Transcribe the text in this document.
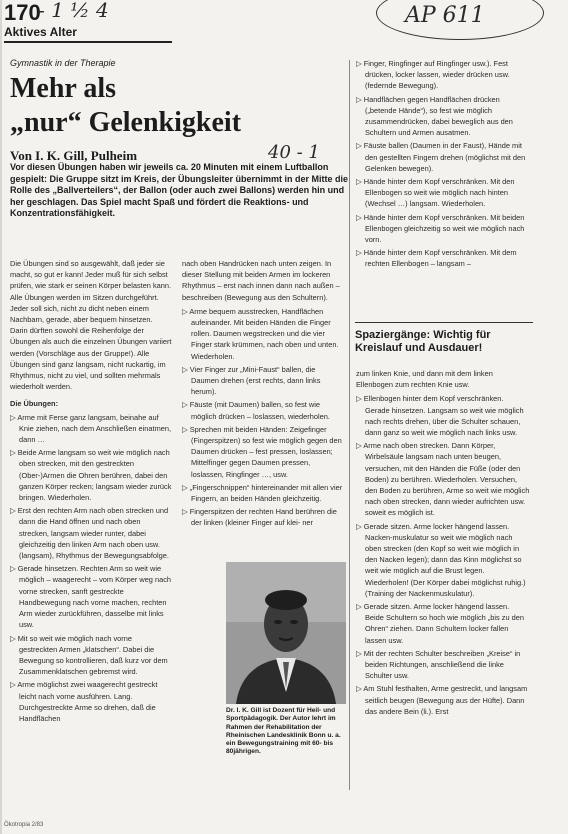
170
- 1 ½ 4	AP 611
Aktives Alter
Gymnastik in der Therapie
Mehr als
„nur“ Gelenkigkeit
Von I. K. Gill, Pulheim	40 - 1
Vor diesen Übungen haben wir jeweils ca. 20 Minuten mit einem Luftballon gespielt: Die Gruppe sitzt im Kreis, der Übungsleiter übernimmt in der Mitte die Rolle des „Ballverteilers“, der Ballon (oder auch zwei Ballons) werden hin und her geschlagen. Das Spiel macht Spaß und fördert die Reaktions- und Konzentrationsfähigkeit.

Die Übungen sind so ausgewählt, daß jeder sie macht, so gut er kann! Jeder muß für sich selbst prüfen, wie stark er seinen Körper belasten kann. Alle Übungen werden im Sitzen durchgeführt. Jeder soll sich, nicht zu dicht neben einem Nachbarn, gerade, aber bequem hinsetzen. Darin dürften sowohl die Reihenfolge der Übungen als auch die einzelnen Übungen variiert werden (Vorschläge aus der Gruppe!). Alle Übungen sind ganz langsam, nicht ruckartig, im Rhythmus, nicht zu viel, und sollten mehrmals wiederholt werden.

Die Übungen:

▷ Arme mit Ferse ganz langsam, beinahe auf Knie ziehen, nach dem Anschließen einatmen, dann …

▷ Beide Arme langsam so weit wie möglich nach oben strecken, mit den gestreckten (Ober-)Armen die Ohren berühren, dabei den ganzen Körper recken; langsam wieder zurück bringen. Wiederholen.

▷ Erst den rechten Arm nach oben strecken und dann die Hand öffnen und nach oben strecken, langsam wieder runter, dabei gleichzeitig den linken Arm nach oben usw. (langsam), Rhythmus der Bewegungsabfolge.

▷ Gerade hinsetzen. Rechten Arm so weit wie möglich – waagerecht – vom Körper weg nach vorne strecken, sanft gestreckte Handbewegung nach vorne machen, rechten Arm wieder zurückführen, dasselbe mit links usw.

▷ Mit so weit wie möglich nach vorne gestreckten Armen „klatschen“. Dabei die Bewegung so kontrollieren, daß kurz vor dem Zusammenklatschen gebremst wird.

▷ Arme möglichst zwei waagerecht gestreckt leicht nach vorne ausführen. Lang. Durchgestreckte Arme so drehen, daß die Handflächen

nach oben Handrücken nach unten zeigen. In dieser Stellung mit beiden Armen im lockeren Rhythmus – erst nach innen dann nach außen – beschreiben (Bewegung aus den Schultern).

▷ Arme bequem ausstrecken, Handflächen aufeinander. Mit beiden Händen die Finger rollen. Daumen wegstrecken und die vier Finger stark krümmen, nach oben und unten. Wiederholen.

▷ Vier Finger zur „Mini-Faust“ ballen, die Daumen drehen (erst rechts, dann links herum).

▷ Fäuste (mit Daumen) ballen, so fest wie möglich drücken – loslassen, wiederholen.

▷ Sprechen mit beiden Händen: Zeigefinger (Fingerspitzen) so fest wie möglich gegen den Daumen drücken – fest pressen, loslassen; Mittelfinger gegen Daumen pressen, loslassen, Ringfinger …, usw.

▷ „Fingerschnippen“ hintereinander mit allen vier Fingern, an beiden Händen gleichzeitig.

▷ Fingerspitzen der rechten Hand berühren die der linken (kleiner Finger auf klei- ner

Dr. I. K. Gill ist Dozent für Heil- und Sportpädagogik. Der Autor lehrt im Rahmen der Rehabilitation der Rheinischen Landesklinik Bonn u. a. ein Bewegungstraining mit 60- bis 80jährigen.

▷ Finger, Ringfinger auf Ringfinger usw.). Fest drücken, locker lassen, wieder drücken usw. (federnde Bewegung).

▷ Handflächen gegen Handflächen drücken („betende Hände“), so fest wie möglich zusammendrücken, dabei beweglich aus den Schultern und Armen ausatmen.

▷ Fäuste ballen (Daumen in der Faust), Hände mit den gestellten Fingern drehen (möglichst mit den Gelenken bewegen).

▷ Hände hinter dem Kopf verschränken. Mit den Ellenbogen so weit wie möglich nach hinten (Wechsel …) langsam. Wiederholen.

▷ Hände hinter dem Kopf verschränken. Mit beiden Ellenbogen gleichzeitig so weit wie möglich nach vorn.

▷ Hände hinter dem Kopf verschränken. Mit dem rechten Ellenbogen – langsam –

Spaziergänge: Wichtig für Kreislauf und Ausdauer!

zum linken Knie, und dann mit dem linken Ellenbogen zum rechten Knie usw.

▷ Ellenbogen hinter dem Kopf verschränken. Gerade hinsetzen. Langsam so weit wie möglich nach rechts drehen, über die Schulter schauen, dann ganz so weit wie möglich nach links usw.

▷ Arme nach oben strecken. Dann Körper, Wirbelsäule langsam nach unten beugen, versuchen, mit den Händen die Füße (oder den Boden) zu berühren. Wiederholen. Versuchen, den Boden zu berühren, Arme so weit wie möglich nach oben strecken, dann wieder aufrichten usw. soweit es möglich ist.

▷ Gerade sitzen. Arme locker hängend lassen. Nacken-muskulatur so weit wie möglich nach oben strecken (den Kopf so weit wie möglich in den Nacken legen); dann das Kinn möglichst so weit wie möglich auf die Brust legen. Wiederholen! (Der Körper dabei möglichst ruhig.) (Training der Nackenmuskulatur).

▷ Gerade sitzen. Arme locker hängend lassen. Beide Schultern so hoch wie möglich „bis zu den Ohren“ ziehen. Dann Schultern locker fallen lassen usw.

▷ Mit der rechten Schulter beschreiben „Kreise“ in beiden Richtungen, anschließend die linke Schulter usw.

▷ Am Stuhl festhalten, Arme gestreckt, und langsam seitlich beugen (Bewegung aus der Hüfte). Dann das andere Bein (li.). Erst

Ökotropia 2/83
